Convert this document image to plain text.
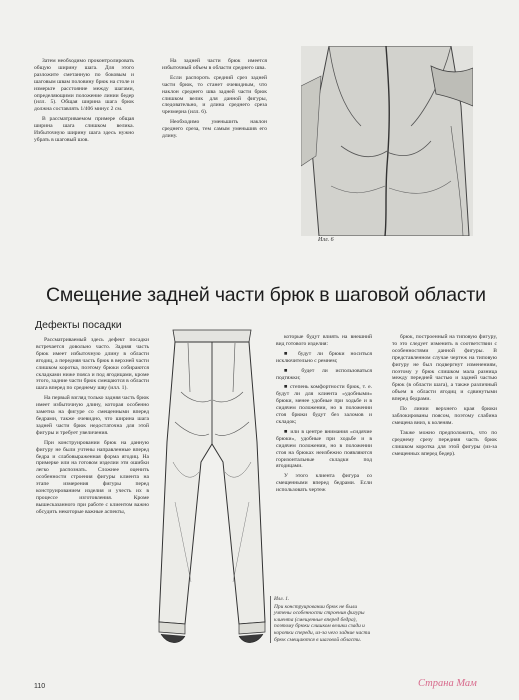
Затем необходимо проконтролировать общую ширину шага. Для этого разложите сметанную по боковым и шаговым швам половину брюк на столе и измерьте расстояние между шагами, определяющими положение линии бедер (илл. 5). Общая ширина шага брюк должна составлять 1/406 минус 2 см.

В рассматриваемом примере общая ширина шага слишком велика. Избыточную ширину шага здесь нужно убрать в шаговый шов.

На задней части брюк имеется избыточный объем в области среднего шва.

Если распороть средний срез задней части брюк, то станет очевидным, что наклон среднего шва задней части брюк слишком велик для данной фигуры, следовательно, и длина среднего среза чрезмерна (илл. 6).

Необходимо уменьшить наклон среднего среза, тем самым уменьшив его длину.

Илл. 6
Смещение задней части брюк в шаговой области
Дефекты посадки

Рассматриваемый здесь дефект посадки встречается довольно часто. Задняя часть брюк имеет избыточную длину в области ягодиц, а передняя часть брюк в верхней части слишком коротка, поэтому брюки собираются складками ниже пояса и под ягодицами, кроме этого, задние части брюк смещаются в области шага вперед по среднему шву (илл. 1).

На первый взгляд только задняя часть брюк имеет избыточную длину, которая особенно заметна на фигуре со смещенными вперед бедрами, также очевидно, что ширина шага задней части брюк недостаточна для этой фигуры и требует увеличения.

При конструировании брюк на данную фигуру не были учтены направленные вперед бедра и слабовыраженная форма ягодиц. На примерке или на готовом изделии эти ошибки легко распознать. Сложнее оценить особенности строения фигуры клиента на этапе измерения фигуры перед конструированием изделия и учесть их в процессе изготовления. Кроме вышесказанного при работе с клиентом важно обсудить некоторые важные аспекты,

которые будут влиять на внешний вид готового изделия:

■ будут ли брюки носиться исключительно с ремнем;

■ будет ли использоваться подтяжки;

■ степень комфортности брюк, т. е. будут ли для клиента «удобными» брюки, менее удобные при ходьбе и в сидячем положении, но в положении стоя брюки будут без заломов и складок;

■ или в центре внимания «сидячие брюки», удобные при ходьбе и в сидячем положении, но в положении стоя на брюках неизбежно появляются горизонтальные складки под ягодицами.

У этого клиента фигура со смещенными вперед бедрами. Если использовать чертеж

брюк, построенный на типовую фигуру, то это следует изменить в соответствии с особенностями данной фигуры. В представленном случае чертеж на типовую фигуру не был подвергнут изменениям, поэтому у брюк слишком мала разница между передней частью и задней частью брюк (в области шага), а также различный объем в области ягодиц и сдвинутыми вперед бедрами.

По линии верхнего края брюки заблокированы поясом, поэтому слабина смещена вниз, к коленям.

Также можно предположить, что по среднему срезу передняя часть брюк слишком коротка для этой фигуры (из-за смещенных вперед бедер).

Илл. 1.
При конструировании брюк не были учтены особенности строения фигуры клиента (смещенные вперед бедра), поэтому брюки слишком велики сзади и коротки спереди, из-за чего задние части брюк смещаются в шаговой области.
110	Страна Мам
